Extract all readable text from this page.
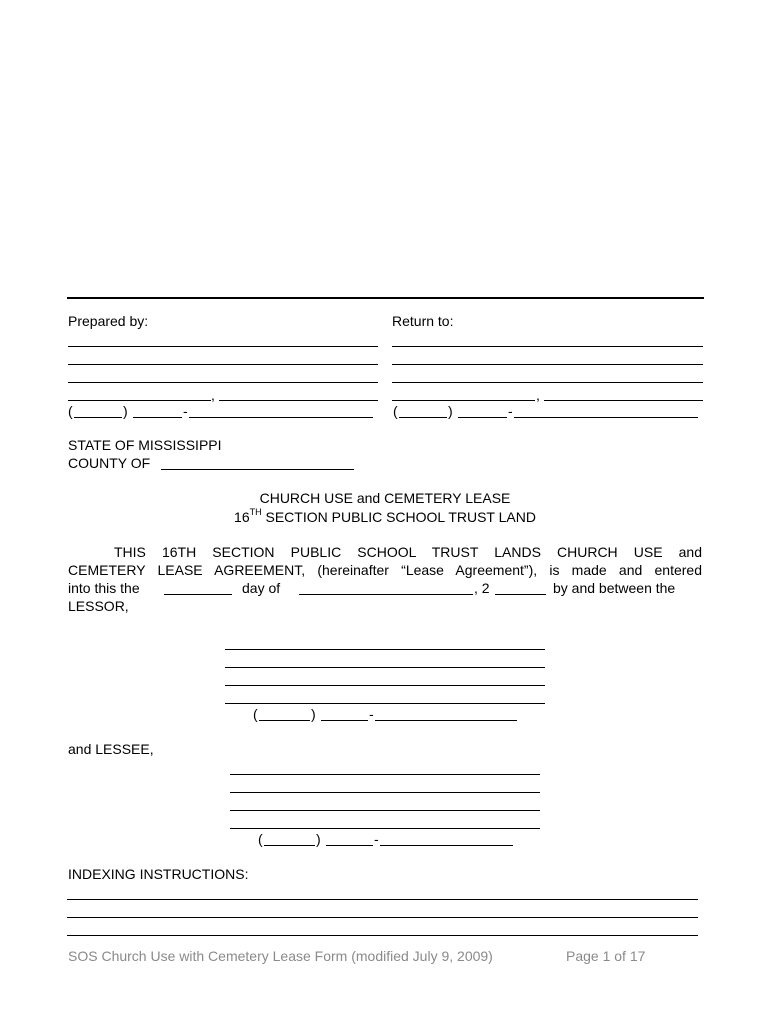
Prepared by:	Return to:
,
(	)	-
,
(	)	-
STATE OF MISSISSIPPI
COUNTY OF
CHURCH USE and CEMETERY LEASE
16TH SECTION PUBLIC SCHOOL TRUST LAND
THIS 16TH SECTION PUBLIC SCHOOL TRUST LANDS CHURCH USE and
CEMETERY LEASE AGREEMENT, (hereinafter “Lease Agreement”), is made and entered
into this the	day of	, 2	by and between the
LESSOR,
(	)	-
and LESSEE,
(	)	-
INDEXING INSTRUCTIONS:
SOS Church Use with Cemetery Lease Form (modified July 9, 2009)	Page 1 of 17
